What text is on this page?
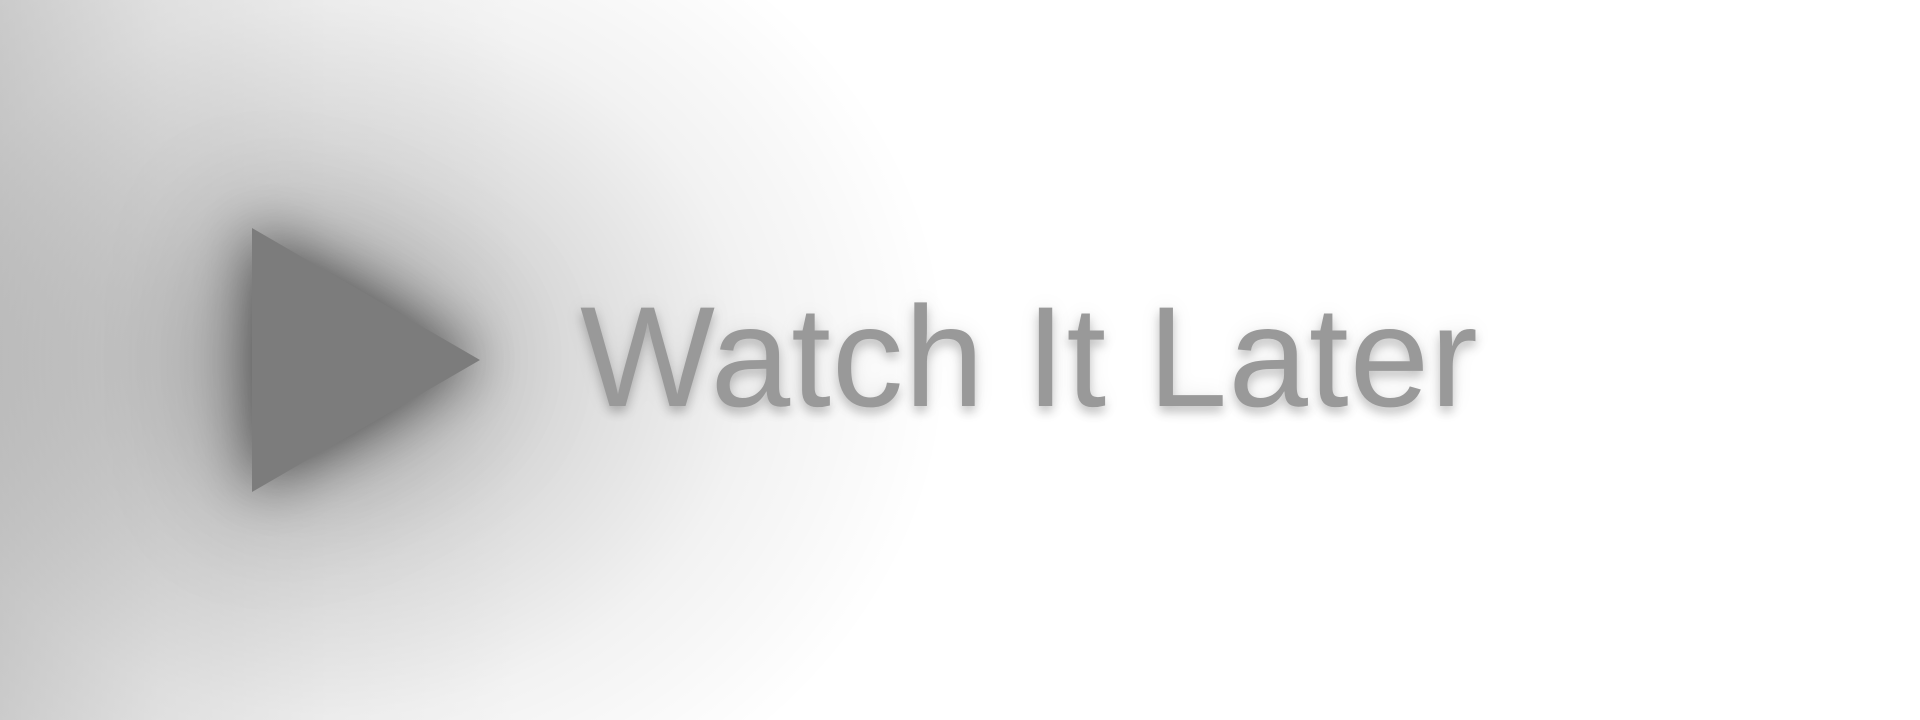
Watch It Later
